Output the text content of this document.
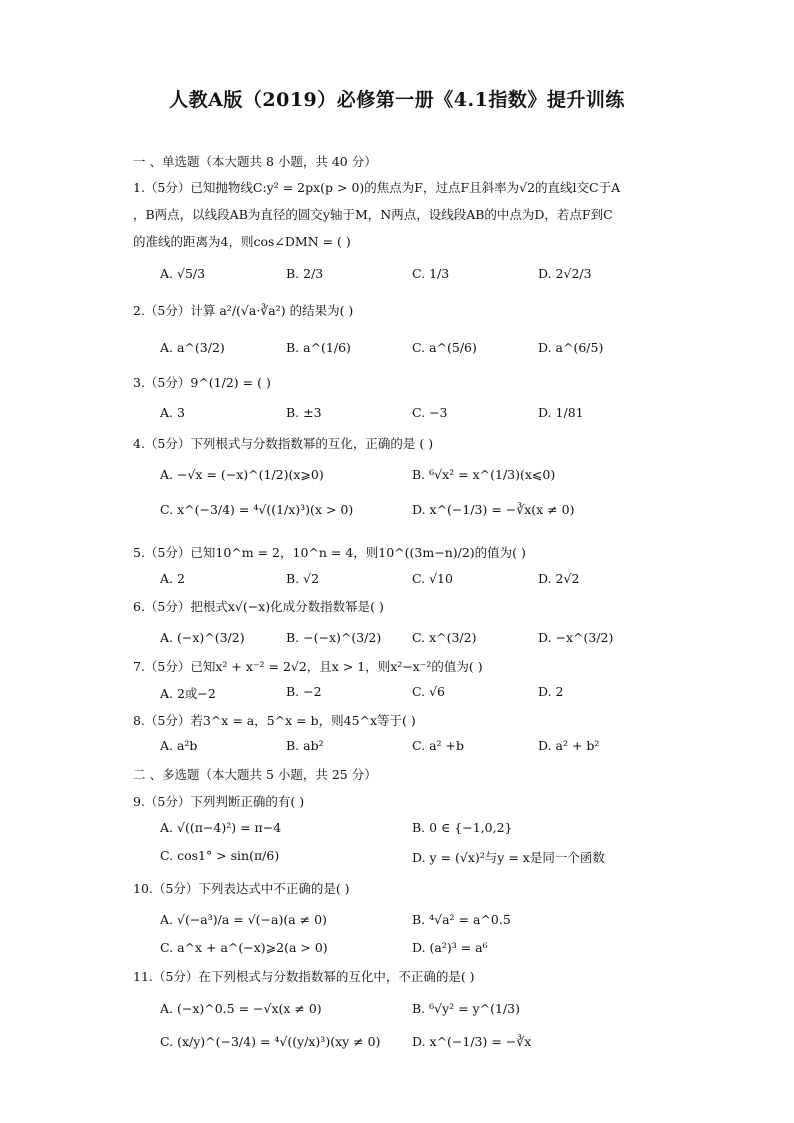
人教A版（2019）必修第一册《4.1指数》提升训练
一 、单选题（本大题共 8 小题，共 40 分）
1.（5分）已知抛物线C:y² = 2px(p > 0)的焦点为F，过点F且斜率为√2的直线l交C于A
，B两点，以线段AB为直径的圆交y轴于M，N两点，设线段AB的中点为D，若点F到C
的准线的距离为4，则cos∠DMN = ( )
A. √5/3	B. 2/3	C. 1/3	D. 2√2/3
2.（5分）计算 a²/(√a·∛a²) 的结果为( )
A. a^(3/2)	B. a^(1/6)	C. a^(5/6)	D. a^(6/5)
3.（5分）9^(1/2) = ( )
A. 3	B. ±3	C. −3	D. 1/81
4.（5分）下列根式与分数指数幂的互化，正确的是 ( )
A. −√x = (−x)^(1/2)(x⩾0)	B. ⁶√x² = x^(1/3)(x⩽0)
C. x^(−3/4) = ⁴√((1/x)³)(x > 0)	D. x^(−1/3) = −∛x(x ≠ 0)
5.（5分）已知10^m = 2，10^n = 4，则10^((3m−n)/2)的值为( )
A. 2	B. √2	C. √10	D. 2√2
6.（5分）把根式x√(−x)化成分数指数幂是( )
A. (−x)^(3/2)	B. −(−x)^(3/2) C. x^(3/2)	D. −x^(3/2)
7.（5分）已知x² + x⁻² = 2√2，且x > 1，则x²−x⁻²的值为( )
A. 2或−2	B. −2	C. √6	D. 2
8.（5分）若3^x = a，5^x = b，则45^x等于( )
A. a²b	B. ab²	C. a² +b	D. a² + b²
二 、多选题（本大题共 5 小题，共 25 分）
9.（5分）下列判断正确的有( )
A. √((π−4)²) = π−4	B. 0 ∈ {−1,0,2}
C. cos1° > sin(π/6)	D. y = (√x)²与y = x是同一个函数
10.（5分）下列表达式中不正确的是( )
A. √(−a³)/a = √(−a)(a ≠ 0)	B. ⁴√a² = a^0.5
C. a^x + a^(−x)⩾2(a > 0)	D. (a²)³ = a⁶
11.（5分）在下列根式与分数指数幂的互化中，不正确的是( )
A. (−x)^0.5 = −√x(x ≠ 0)	B. ⁶√y² = y^(1/3)
C. (x/y)^(−3/4) = ⁴√((y/x)³)(xy ≠ 0)	D. x^(−1/3) = −∛x
